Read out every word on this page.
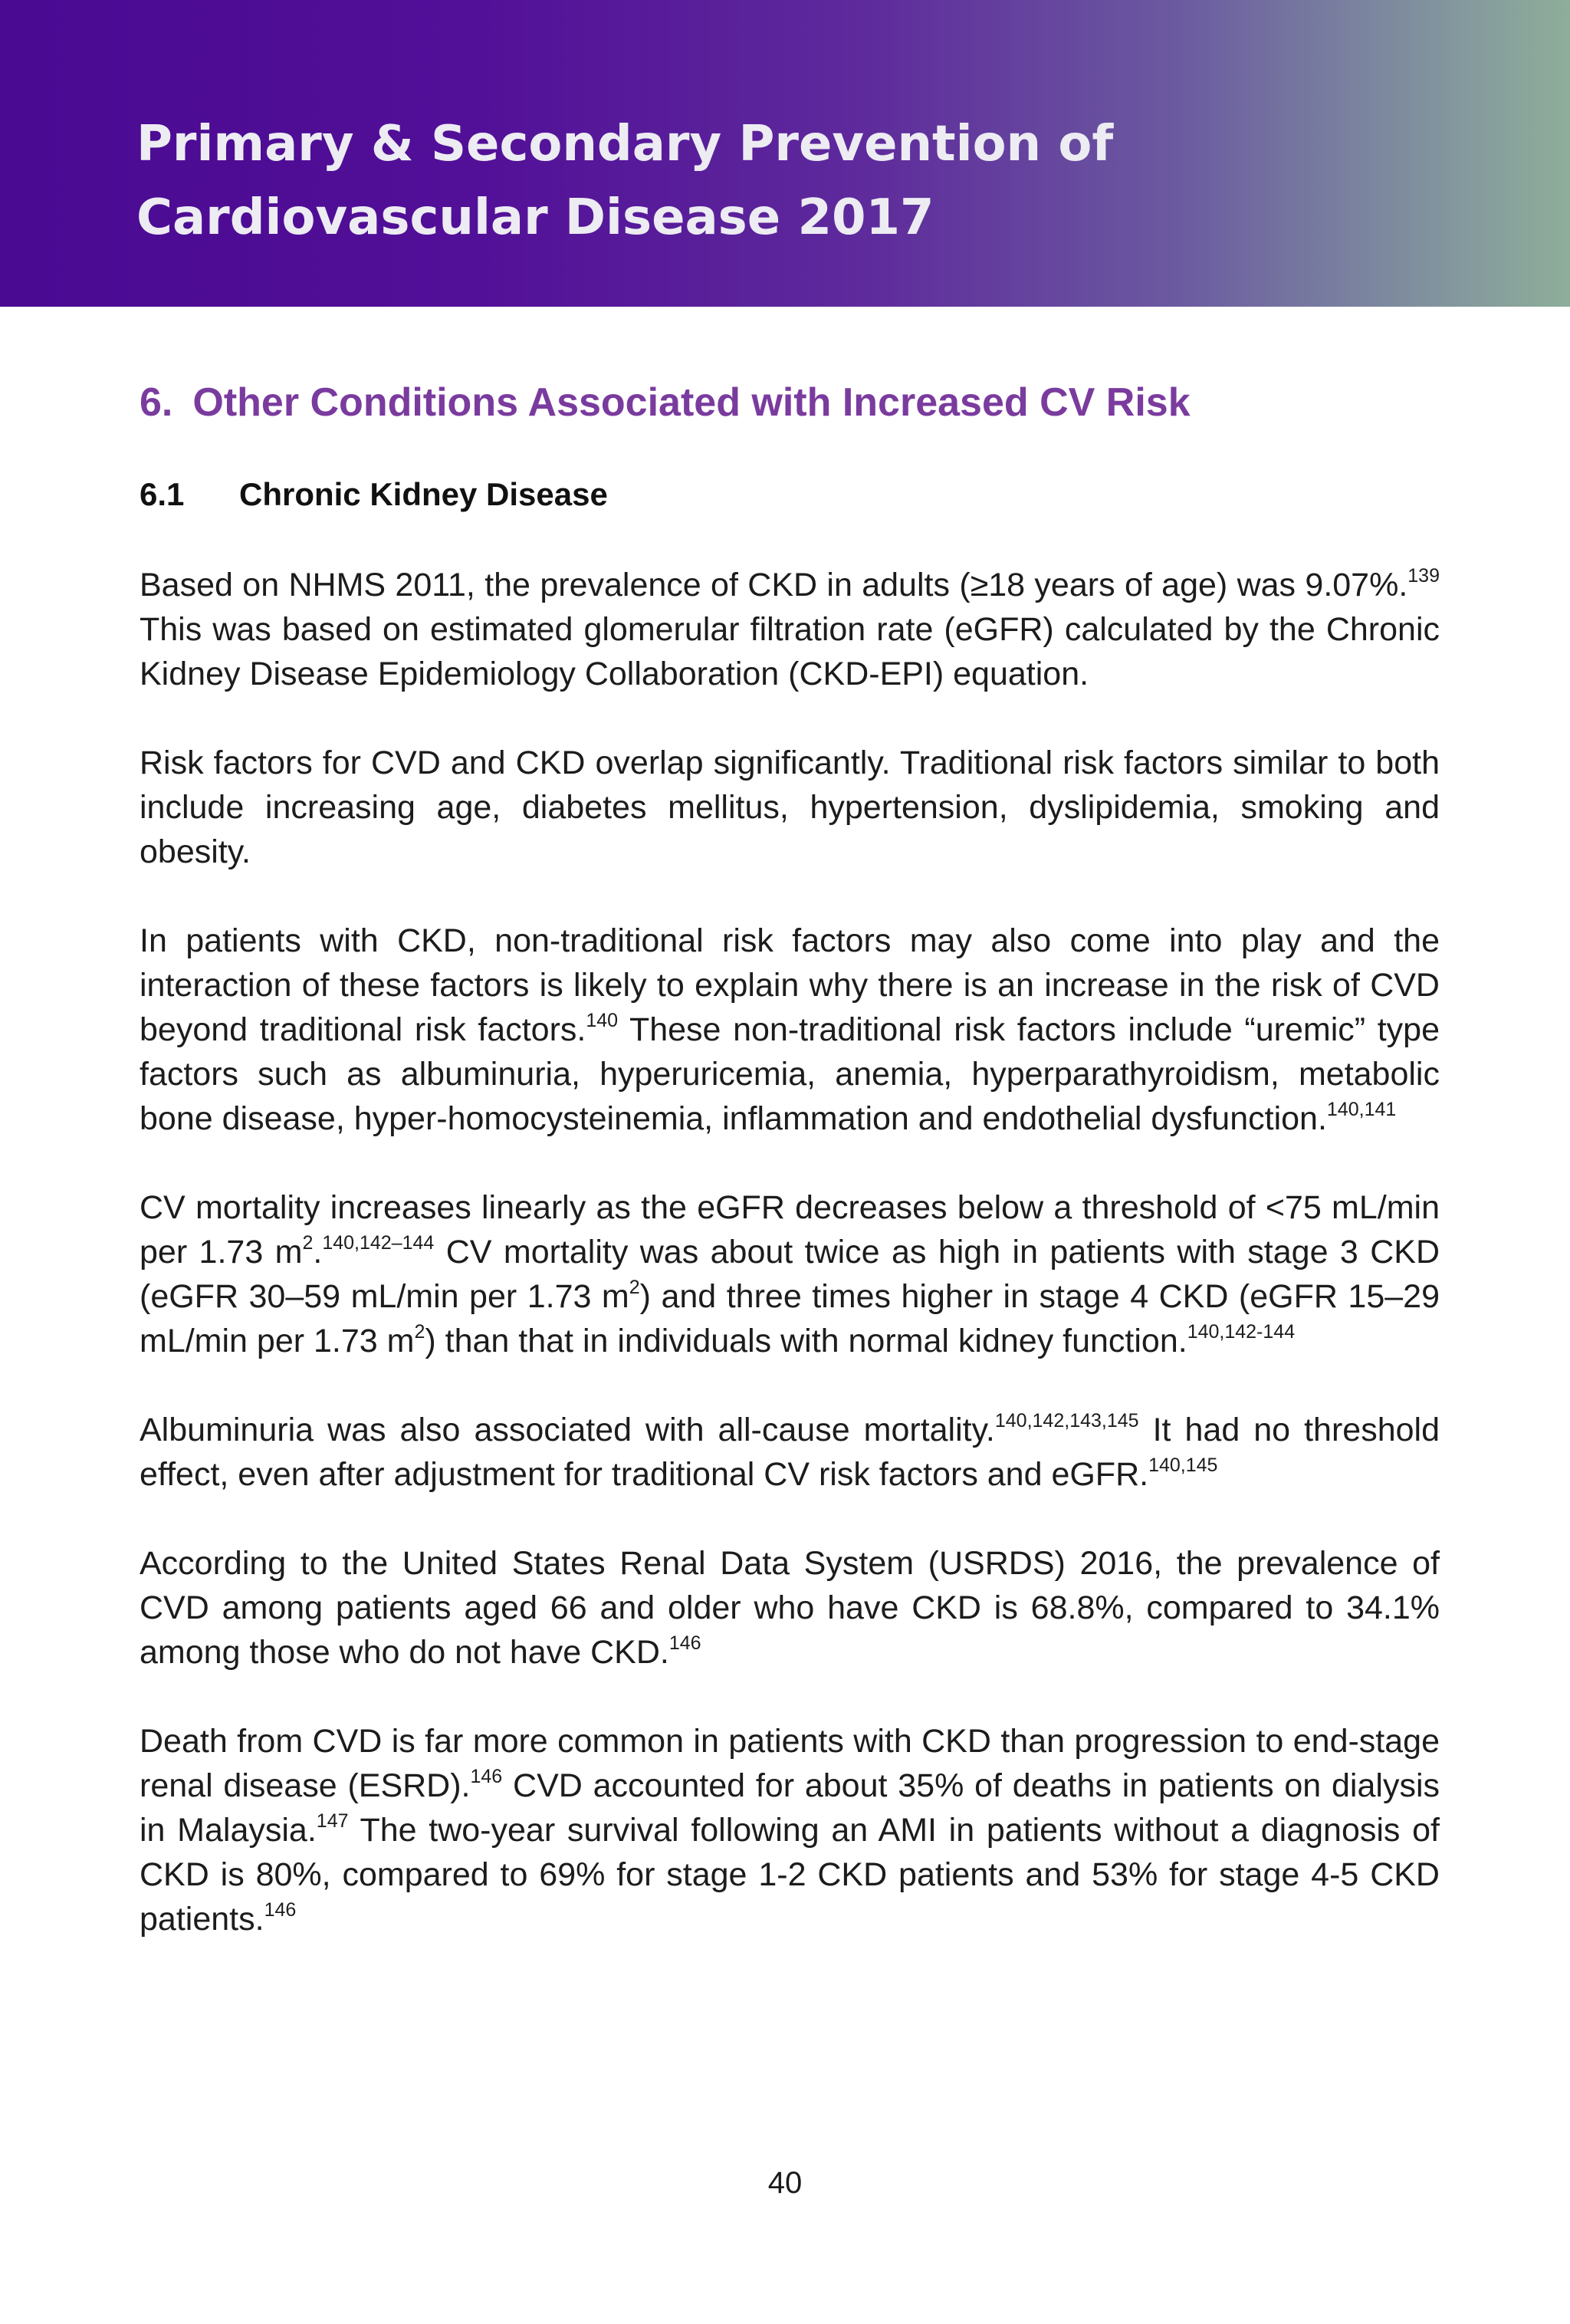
Primary & Secondary Prevention of Cardiovascular Disease 2017
6. Other Conditions Associated with Increased CV Risk
6.1 Chronic Kidney Disease

Based on NHMS 2011, the prevalence of CKD in adults (≥18 years of age) was 9.07%.$^{139}$ This was based on estimated glomerular filtration rate (eGFR) calculated by the Chronic Kidney Disease Epidemiology Collaboration (CKD-EPI) equation.

Risk factors for CVD and CKD overlap significantly. Traditional risk factors similar to both include increasing age, diabetes mellitus, hypertension, dyslipidemia, smoking and obesity.

In patients with CKD, non-traditional risk factors may also come into play and the interaction of these factors is likely to explain why there is an increase in the risk of CVD beyond traditional risk factors.$^{140}$ These non-traditional risk factors include “uremic” type factors such as albuminuria, hyperuricemia, anemia, hyperparathyroidism, metabolic bone disease, hyper-homocysteinemia, inflammation and endothelial dysfunction.$^{140,141}$

CV mortality increases linearly as the eGFR decreases below a threshold of <75 mL/min per 1.73 $m^2.^{140,142-144}$ CV mortality was about twice as high in patients with stage 3 CKD (eGFR 30–59 mL/min per 1.73 $m^2$) and three times higher in stage 4 CKD (eGFR 15–29 mL/min per 1.73 $m^2$) than that in individuals with normal kidney function.$^{140,142-144}$

Albuminuria was also associated with all-cause mortality.$^{140,142,143,145}$ It had no threshold effect, even after adjustment for traditional CV risk factors and eGFR.$^{140,145}$

According to the United States Renal Data System (USRDS) 2016, the prevalence of CVD among patients aged 66 and older who have CKD is 68.8%, compared to 34.1% among those who do not have CKD.$^{146}$

Death from CVD is far more common in patients with CKD than progression to end-stage renal disease (ESRD).$^{146}$ CVD accounted for about 35% of deaths in patients on dialysis in Malaysia.$^{147}$ The two-year survival following an AMI in patients without a diagnosis of CKD is 80%, compared to 69% for stage 1-2 CKD patients and 53% for stage 4-5 CKD patients.$^{146}$

40
